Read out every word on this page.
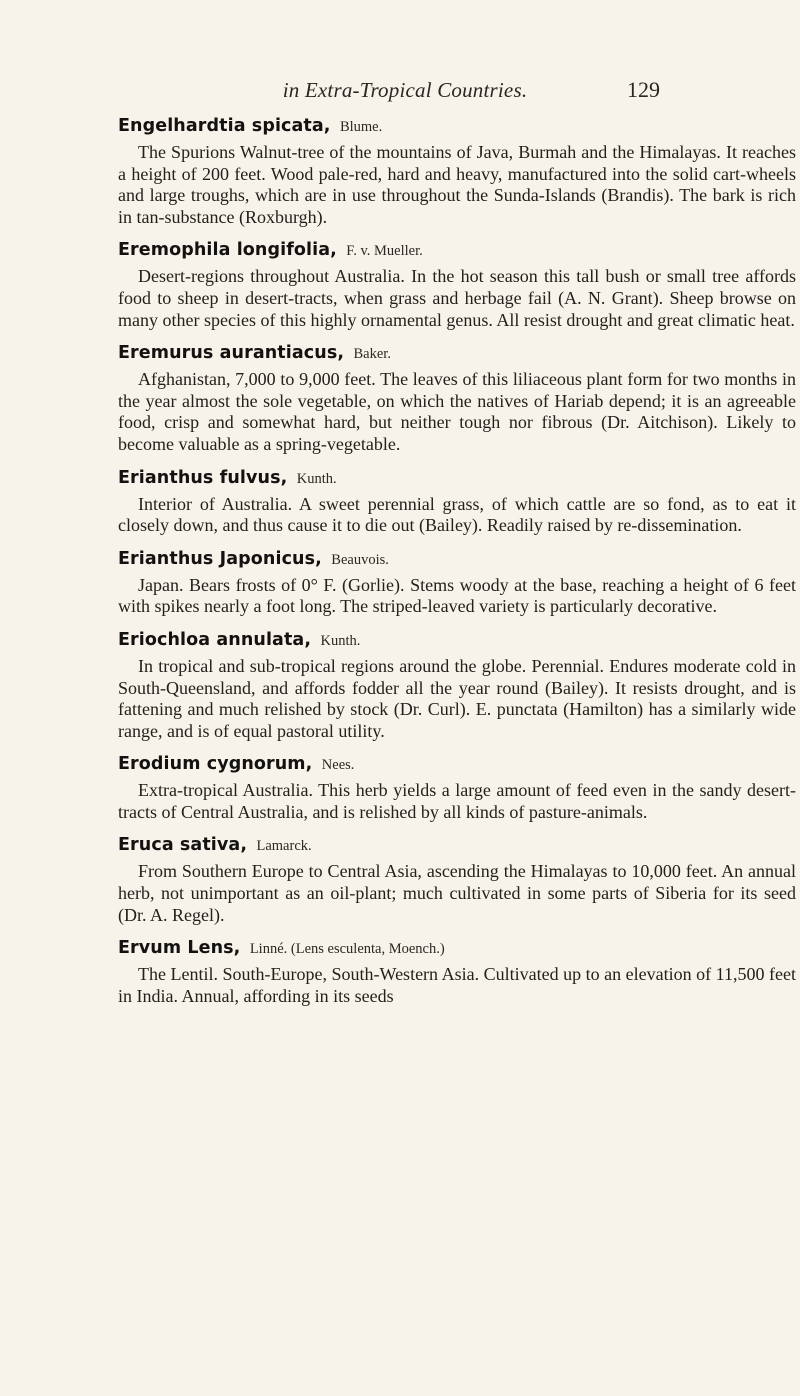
in Extra-Tropical Countries.	129
Engelhardtia spicata, Blume.

The Spurions Walnut-tree of the mountains of Java, Burmah and the Himalayas. It reaches a height of 200 feet. Wood pale-red, hard and heavy, manufactured into the solid cart-wheels and large troughs, which are in use throughout the Sunda-Islands (Brandis). The bark is rich in tan-substance (Roxburgh).

Eremophila longifolia, F. v. Mueller.

Desert-regions throughout Australia. In the hot season this tall bush or small tree affords food to sheep in desert-tracts, when grass and herbage fail (A. N. Grant). Sheep browse on many other species of this highly ornamental genus. All resist drought and great climatic heat.

Eremurus aurantiacus, Baker.

Afghanistan, 7,000 to 9,000 feet. The leaves of this liliaceous plant form for two months in the year almost the sole vegetable, on which the natives of Hariab depend; it is an agreeable food, crisp and somewhat hard, but neither tough nor fibrous (Dr. Aitchison). Likely to become valuable as a spring-vegetable.

Erianthus fulvus, Kunth.

Interior of Australia. A sweet perennial grass, of which cattle are so fond, as to eat it closely down, and thus cause it to die out (Bailey). Readily raised by re-dissemination.

Erianthus Japonicus, Beauvois.

Japan. Bears frosts of 0° F. (Gorlie). Stems woody at the base, reaching a height of 6 feet with spikes nearly a foot long. The striped-leaved variety is particularly decorative.

Eriochloa annulata, Kunth.

In tropical and sub-tropical regions around the globe. Perennial. Endures moderate cold in South-Queensland, and affords fodder all the year round (Bailey). It resists drought, and is fattening and much relished by stock (Dr. Curl). E. punctata (Hamilton) has a similarly wide range, and is of equal pastoral utility.

Erodium cygnorum, Nees.

Extra-tropical Australia. This herb yields a large amount of feed even in the sandy desert-tracts of Central Australia, and is relished by all kinds of pasture-animals.

Eruca sativa, Lamarck.

From Southern Europe to Central Asia, ascending the Himalayas to 10,000 feet. An annual herb, not unimportant as an oil-plant; much cultivated in some parts of Siberia for its seed (Dr. A. Regel).

Ervum Lens, Linné. (Lens esculenta, Moench.)

The Lentil. South-Europe, South-Western Asia. Cultivated up to an elevation of 11,500 feet in India. Annual, affording in its seeds
